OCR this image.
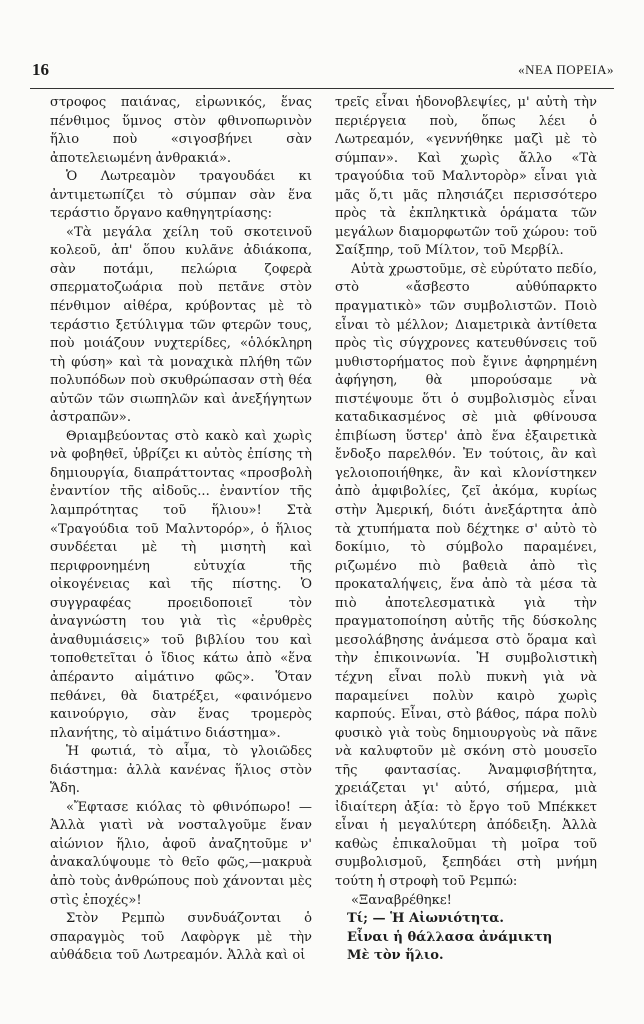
16	«ΝΕΑ ΠΟΡΕΙΑ»

στροφος παιάνας, εἰρωνικός, ἕνας πένθιμος ὕμνος στὸν φθινοπωρινὸν ἥλιο ποὺ «σιγοσβήνει σὰν ἀποτελειωμένη ἀνθρακιά».

Ὁ Λωτρεαμὸν τραγουδάει κι ἀντιμετωπίζει τὸ σύμπαν σὰν ἕνα τεράστιο ὄργανο καθηγητρίασης:

«Τὰ μεγάλα χείλη τοῦ σκοτεινοῦ κολεοῦ, ἀπ' ὅπου κυλᾶνε ἀδιάκοπα, σὰν ποτάμι, πελώρια ζοφερὰ σπερματοζωάρια ποὺ πετᾶνε στὸν πένθιμον αἰθέρα, κρύβοντας μὲ τὸ τεράστιο ξετύλιγμα τῶν φτερῶν τους, ποὺ μοιάζουν νυχτερίδες, «ὁλόκληρη τὴ φύση» καὶ τὰ μοναχικὰ πλήθη τῶν πολυπόδων ποὺ σκυθρώπασαν στὴ θέα αὐτῶν τῶν σιωπηλῶν καὶ ἀνεξήγητων ἀστραπῶν».

Θριαμβεύοντας στὸ κακὸ καὶ χωρὶς νὰ φοβηθεῖ, ὑβρίζει κι αὐτὸς ἐπίσης τὴ δημιουργία, διαπράττοντας «προσβολὴ ἐναντίον τῆς αἰδοῦς... ἐναντίον τῆς λαμπρότητας τοῦ ἥλιου»! Στὰ «Τραγούδια τοῦ Μαλντορόρ», ὁ ἥλιος συνδέεται μὲ τὴ μισητὴ καὶ περιφρονημένη εὐτυχία τῆς οἰκογένειας καὶ τῆς πίστης. Ὁ συγγραφέας προειδοποιεῖ τὸν ἀναγνώστη του γιὰ τὶς «ἐρυθρὲς ἀναθυμιάσεις» τοῦ βιβλίου του καὶ τοποθετεῖται ὁ ἴδιος κάτω ἀπὸ «ἕνα ἀπέραντο αἱμάτινο φῶς». Ὅταν πεθάνει, θὰ διατρέξει, «φαινόμενο καινούργιο, σὰν ἕνας τρομερὸς πλανήτης, τὸ αἱμάτινο διάστημα».

Ἡ φωτιά, τὸ αἷμα, τὸ γλοιῶδες διάστημα: ἀλλὰ κανένας ἥλιος στὸν Ἅδη.

«Ἔφτασε κιόλας τὸ φθινόπωρο! —Ἀλλὰ γιατὶ νὰ νοσταλγοῦμε ἕναν αἰώνιον ἥλιο, ἀφοῦ ἀναζητοῦμε ν' ἀνακαλύψουμε τὸ θεῖο φῶς,—μακρυὰ ἀπὸ τοὺς ἀνθρώπους ποὺ χάνονται μὲς στὶς ἐποχές»!

Στὸν Ρεμπὼ συνδυάζονται ὁ σπαραγμὸς τοῦ Λαφὸργκ μὲ τὴν αὐθάδεια τοῦ Λωτρεαμόν. Ἀλλὰ καὶ οἱ

τρεῖς εἶναι ἡδονοβλεψίες, μ' αὐτὴ τὴν περιέργεια ποὺ, ὅπως λέει ὁ Λωτρεαμόν, «γεννήθηκε μαζὶ μὲ τὸ σύμπαν». Καὶ χωρὶς ἄλλο «Τὰ τραγούδια τοῦ Μαλντορὸρ» εἶναι γιὰ μᾶς ὅ,τι μᾶς πλησιάζει περισσότερο πρὸς τὰ ἐκπληκτικὰ ὁράματα τῶν μεγάλων διαμορφωτῶν τοῦ χώρου: τοῦ Σαίξπηρ, τοῦ Μίλτον, τοῦ Μερβίλ.

Αὐτὰ χρωστοῦμε, σὲ εὐρύτατο πεδίο, στὸ «ἄσβεστο αὐθύπαρκτο πραγματικὸ» τῶν συμβολιστῶν. Ποιὸ εἶναι τὸ μέλλον; Διαμετρικὰ ἀντίθετα πρὸς τὶς σύγχρονες κατευθύνσεις τοῦ μυθιστορήματος ποὺ ἔγινε ἀφηρημένη ἀφήγηση, θὰ μπορούσαμε νὰ πιστέψουμε ὅτι ὁ συμβολισμὸς εἶναι καταδικασμένος σὲ μιὰ φθίνουσα ἐπιβίωση ὕστερ' ἀπὸ ἕνα ἐξαιρετικὰ ἔνδοξο παρελθόν. Ἐν τούτοις, ἂν καὶ γελοιοποιήθηκε, ἂν καὶ κλονίστηκεν ἀπὸ ἀμφιβολίες, ζεῖ ἀκόμα, κυρίως στὴν Ἀμερική, διότι ἀνεξάρτητα ἀπὸ τὰ χτυπήματα ποὺ δέχτηκε σ' αὐτὸ τὸ δοκίμιο, τὸ σύμβολο παραμένει, ριζωμένο πιὸ βαθειὰ ἀπὸ τὶς προκαταλήψεις, ἕνα ἀπὸ τὰ μέσα τὰ πιὸ ἀποτελεσματικὰ γιὰ τὴν πραγματοποίηση αὐτῆς τῆς δύσκολης μεσολάβησης ἀνάμεσα στὸ ὅραμα καὶ τὴν ἐπικοινωνία. Ἡ συμβολιστικὴ τέχνη εἶναι πολὺ πυκνὴ γιὰ νὰ παραμείνει πολὺν καιρὸ χωρὶς καρπούς. Εἶναι, στὸ βάθος, πάρα πολὺ φυσικὸ γιὰ τοὺς δημιουργοὺς νὰ πᾶνε νὰ καλυφτοῦν μὲ σκόνη στὸ μουσεῖο τῆς φαντασίας. Ἀναμφισβήτητα, χρειάζεται γι' αὐτό, σήμερα, μιὰ ἰδιαίτερη ἀξία: τὸ ἔργο τοῦ Μπέκκετ εἶναι ἡ μεγαλύτερη ἀπόδειξη. Ἀλλὰ καθὼς ἐπικαλοῦμαι τὴ μοῖρα τοῦ συμβολισμοῦ, ξεπηδάει στὴ μνήμη τούτη ἡ στροφὴ τοῦ Ρεμπώ:

«Ξαναβρέθηκε!

Τί; — Ἡ Αἰωνιότητα.

Εἶναι ἡ θάλλασα ἀνάμικτη

Μὲ τὸν ἥλιο.
